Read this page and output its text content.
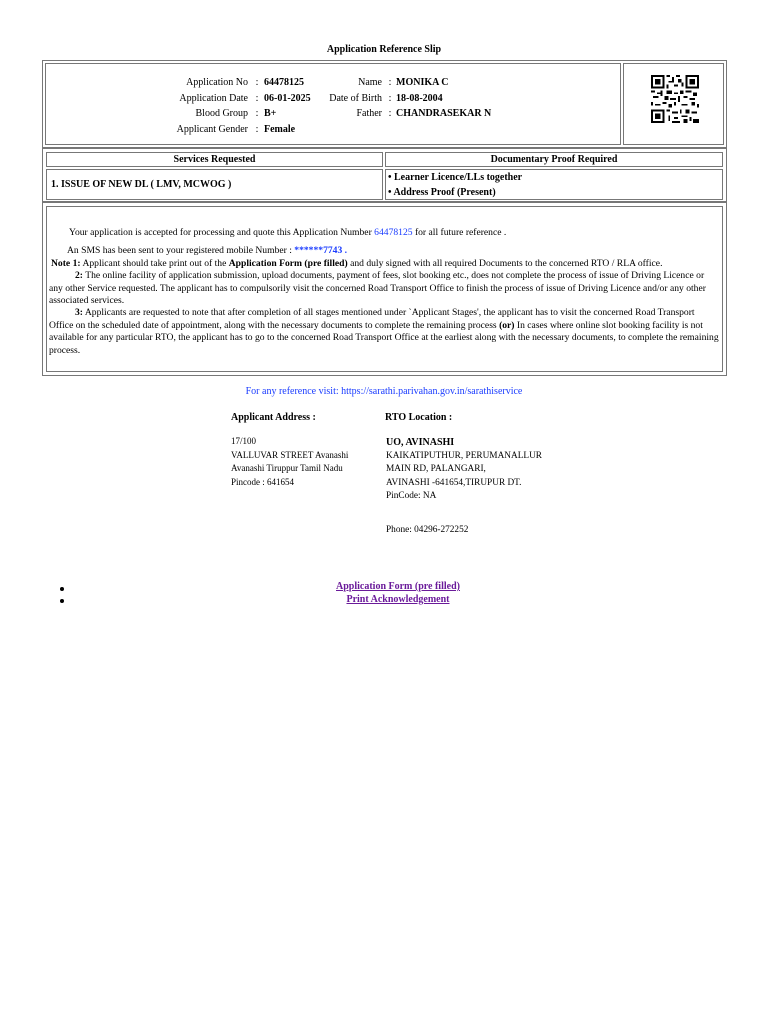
Application Reference Slip
Application No : 64478125
Application Date : 06-01-2025
Blood Group : B+
Applicant Gender : Female
Name : MONIKA C
Date of Birth : 18-08-2004
Father : CHANDRASEKAR N
Services Requested	Documentary Proof Required
1. ISSUE OF NEW DL ( LMV, MCWOG )
• Learner Licence/LLs together
• Address Proof (Present)

Your application is accepted for processing and quote this Application Number 64478125 for all future reference .

An SMS has been sent to your registered mobile Number : ******7743 .

Note 1: Applicant should take print out of the Application Form (pre filled) and duly signed with all required Documents to the concerned RTO / RLA office.

2: The online facility of application submission, upload documents, payment of fees, slot booking etc., does not complete the process of issue of Driving Licence or any other Service requested. The applicant has to compulsorily visit the concerned Road Transport Office to finish the process of issue of Driving Licence and/or any other associated services.

3: Applicants are requested to note that after completion of all stages mentioned under `Applicant Stages', the applicant has to visit the concerned Road Transport Office on the scheduled date of appointment, along with the necessary documents to complete the remaining process (or) In cases where online slot booking facility is not available for any particular RTO, the applicant has to go to the concerned Road Transport Office at the earliest along with the necessary documents, to complete the remaining process.

For any reference visit: https://sarathi.parivahan.gov.in/sarathiservice
Applicant Address :
17/100
VALLUVAR STREET Avanashi
Avanashi Tiruppur Tamil Nadu
Pincode : 641654
RTO Location :
UO, AVINASHI
KAIKATIPUTHUR, PERUMANALLUR
MAIN RD, PALANGARI,
AVINASHI -641654,TIRUPUR DT.
PinCode: NA
Phone: 04296-272252
Application Form (pre filled)
Print Acknowledgement
